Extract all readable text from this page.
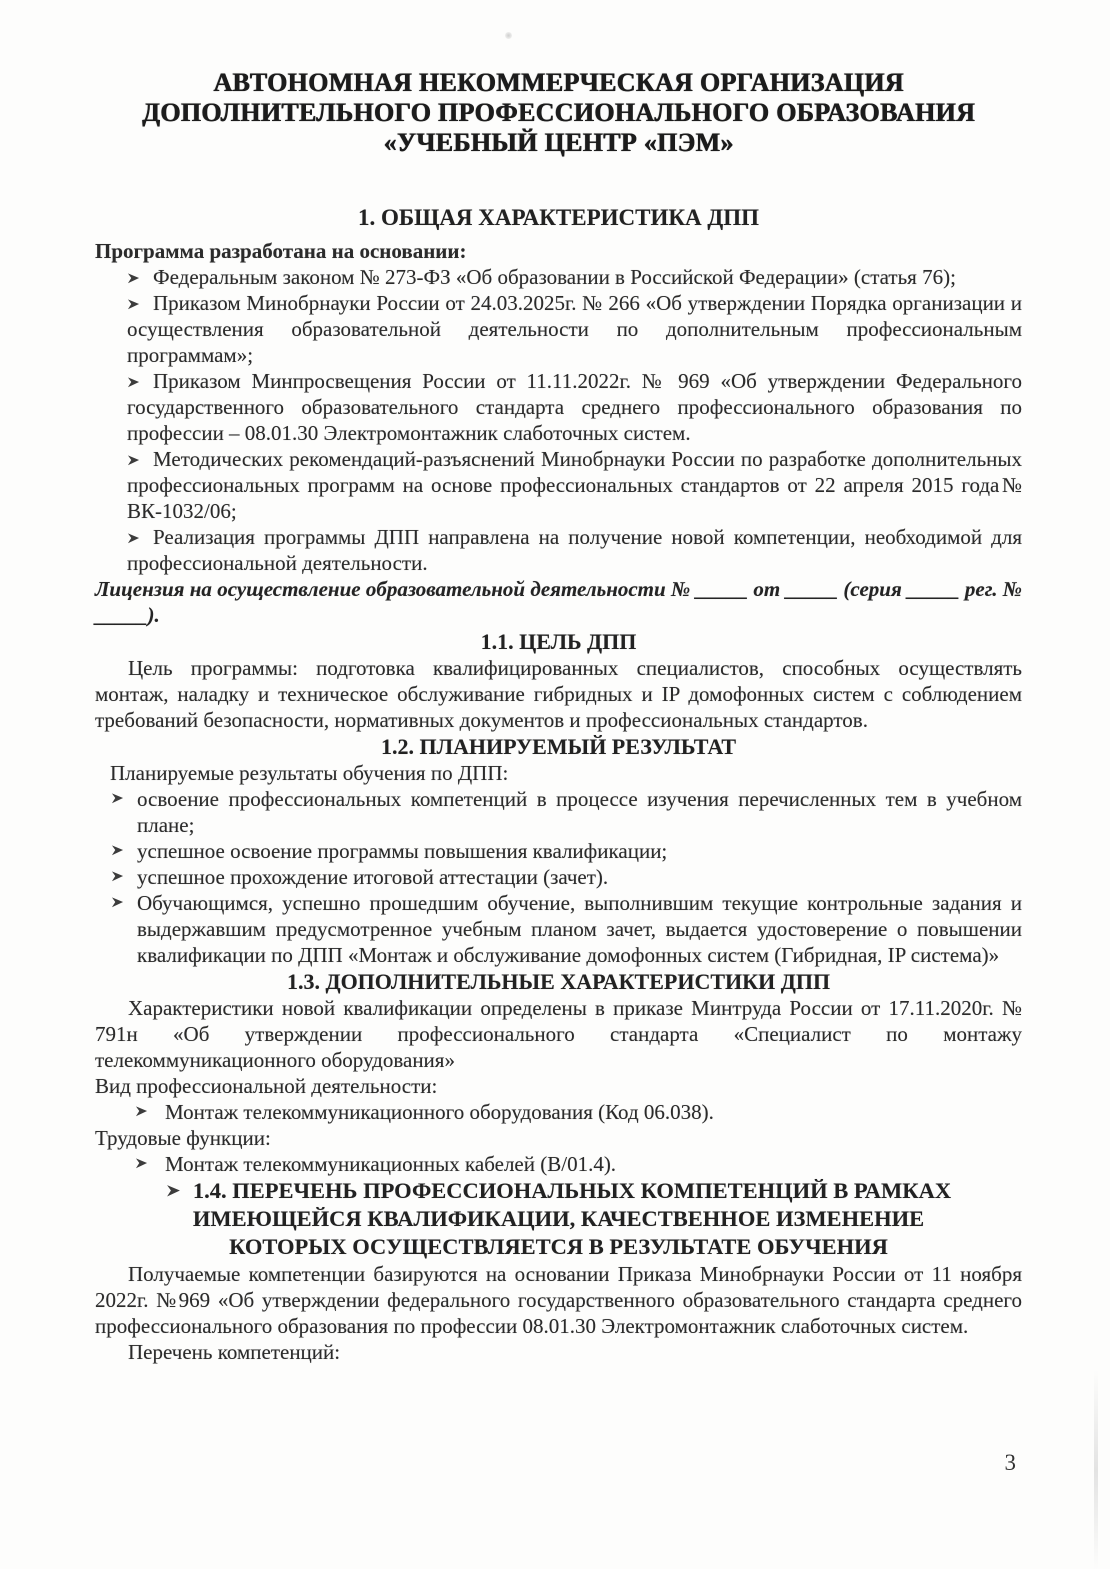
АВТОНОМНАЯ НЕКОММЕРЧЕСКАЯ ОРГАНИЗАЦИЯ
ДОПОЛНИТЕЛЬНОГО ПРОФЕССИОНАЛЬНОГО ОБРАЗОВАНИЯ
«УЧЕБНЫЙ ЦЕНТР «ПЭМ»
1. ОБЩАЯ ХАРАКТЕРИСТИКА ДПП

Программа разработана на основании:

Федеральным законом № 273-ФЗ «Об образовании в Российской Федерации» (статья 76);
Приказом Минобрнауки России от 24.03.2025г. № 266 «Об утверждении Порядка организации и осуществления образовательной деятельности по дополнительным профессиональным программам»;
Приказом Минпросвещения России от 11.11.2022г. № 969 «Об утверждении Федерального государственного образовательного стандарта среднего профессионального образования по профессии – 08.01.30 Электромонтажник слаботочных систем.
Методических рекомендаций-разъяснений Минобрнауки России по разработке дополнительных профессиональных программ на основе профессиональных стандартов от 22 апреля 2015 года№ ВК-1032/06;
Реализация программы ДПП направлена на получение новой компетенции, необходимой для профессиональной деятельности.

Лицензия на осуществление образовательной деятельности № _____ от _____ (серия _____ рег. № _____).

1.1. ЦЕЛЬ ДПП

Цель программы: подготовка квалифицированных специалистов, способных осуществлять монтаж, наладку и техническое обслуживание гибридных и IP домофонных систем с соблюдением требований безопасности, нормативных документов и профессиональных стандартов.

1.2. ПЛАНИРУЕМЫЙ РЕЗУЛЬТАТ

Планируемые результаты обучения по ДПП:

освоение профессиональных компетенций в процессе изучения перечисленных тем в учебном плане;
успешное освоение программы повышения квалификации;
успешное прохождение итоговой аттестации (зачет).
Обучающимся, успешно прошедшим обучение, выполнившим текущие контрольные задания и выдержавшим предусмотренное учебным планом зачет, выдается удостоверение о повышении квалификации по ДПП «Монтаж и обслуживание домофонных систем (Гибридная, IP система)»
1.3. ДОПОЛНИТЕЛЬНЫЕ ХАРАКТЕРИСТИКИ ДПП

Характеристики новой квалификации определены в приказе Минтруда России от 17.11.2020г. № 791н «Об утверждении профессионального стандарта «Специалист по монтажу телекоммуникационного оборудования»

Вид профессиональной деятельности:

Монтаж телекоммуникационного оборудования (Код 06.038).

Трудовые функции:

Монтаж телекоммуникационных кабелей (В/01.4).
1.4. ПЕРЕЧЕНЬ ПРОФЕССИОНАЛЬНЫХ КОМПЕТЕНЦИЙ В РАМКАХ ИМЕЮЩЕЙСЯ КВАЛИФИКАЦИИ, КАЧЕСТВЕННОЕ ИЗМЕНЕНИЕ КОТОРЫХ ОСУЩЕСТВЛЯЕТСЯ В РЕЗУЛЬТАТЕ ОБУЧЕНИЯ

Получаемые компетенции базируются на основании Приказа Минобрнауки России от 11 ноября 2022г. №969 «Об утверждении федерального государственного образовательного стандарта среднего профессионального образования по профессии 08.01.30 Электромонтажник слаботочных систем.

Перечень компетенций:

3
